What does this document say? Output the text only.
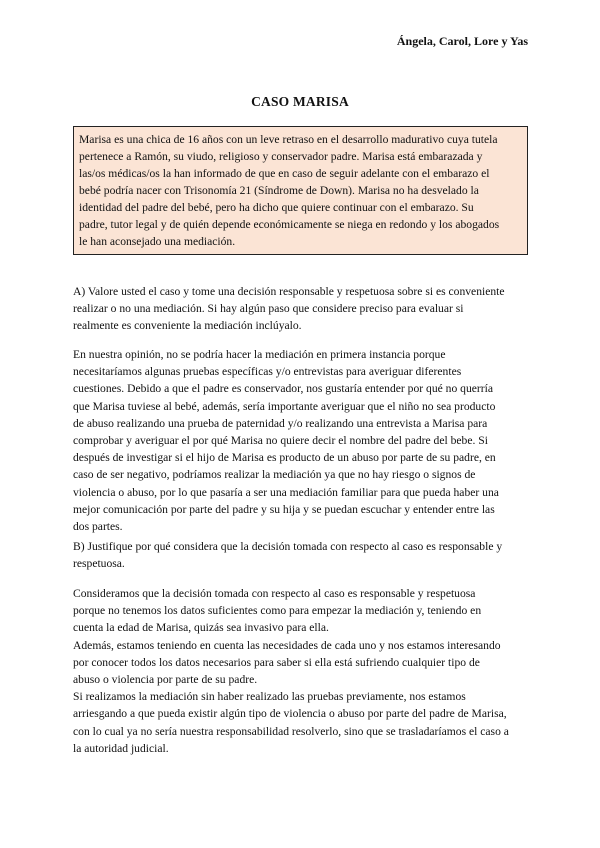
Ángela, Carol, Lore y Yas
CASO MARISA

Marisa es una chica de 16 años con un leve retraso en el desarrollo madurativo cuya tutela

pertenece a Ramón, su viudo, religioso y conservador padre. Marisa está embarazada y

las/os médicas/os la han informado de que en caso de seguir adelante con el embarazo el

bebé podría nacer con Trisonomía 21 (Síndrome de Down). Marisa no ha desvelado la

identidad del padre del bebé, pero ha dicho que quiere continuar con el embarazo. Su

padre, tutor legal y de quién depende económicamente se niega en redondo y los abogados

le han aconsejado una mediación.

A) Valore usted el caso y tome una decisión responsable y respetuosa sobre si es conveniente
realizar o no una mediación. Si hay algún paso que considere preciso para evaluar si
realmente es conveniente la mediación inclúyalo.
En nuestra opinión, no se podría hacer la mediación en primera instancia porque
necesitaríamos algunas pruebas específicas y/o entrevistas para averiguar diferentes
cuestiones. Debido a que el padre es conservador, nos gustaría entender por qué no querría
que Marisa tuviese al bebé, además, sería importante averiguar que el niño no sea producto
de abuso realizando una prueba de paternidad y/o realizando una entrevista a Marisa para
comprobar y averiguar el por qué Marisa no quiere decir el nombre del padre del bebe. Si
después de investigar si el hijo de Marisa es producto de un abuso por parte de su padre, en
caso de ser negativo, podríamos realizar la mediación ya que no hay riesgo o signos de
violencia o abuso, por lo que pasaría a ser una mediación familiar para que pueda haber una
mejor comunicación por parte del padre y su hija y se puedan escuchar y entender entre las
dos partes.
B) Justifique por qué considera que la decisión tomada con respecto al caso es responsable y
respetuosa.
Consideramos que la decisión tomada con respecto al caso es responsable y respetuosa
porque no tenemos los datos suficientes como para empezar la mediación y, teniendo en
cuenta la edad de Marisa, quizás sea invasivo para ella.
Además, estamos teniendo en cuenta las necesidades de cada uno y nos estamos interesando
por conocer todos los datos necesarios para saber si ella está sufriendo cualquier tipo de
abuso o violencia por parte de su padre.
Si realizamos la mediación sin haber realizado las pruebas previamente, nos estamos
arriesgando a que pueda existir algún tipo de violencia o abuso por parte del padre de Marisa,
con lo cual ya no sería nuestra responsabilidad resolverlo, sino que se trasladaríamos el caso a
la autoridad judicial.
